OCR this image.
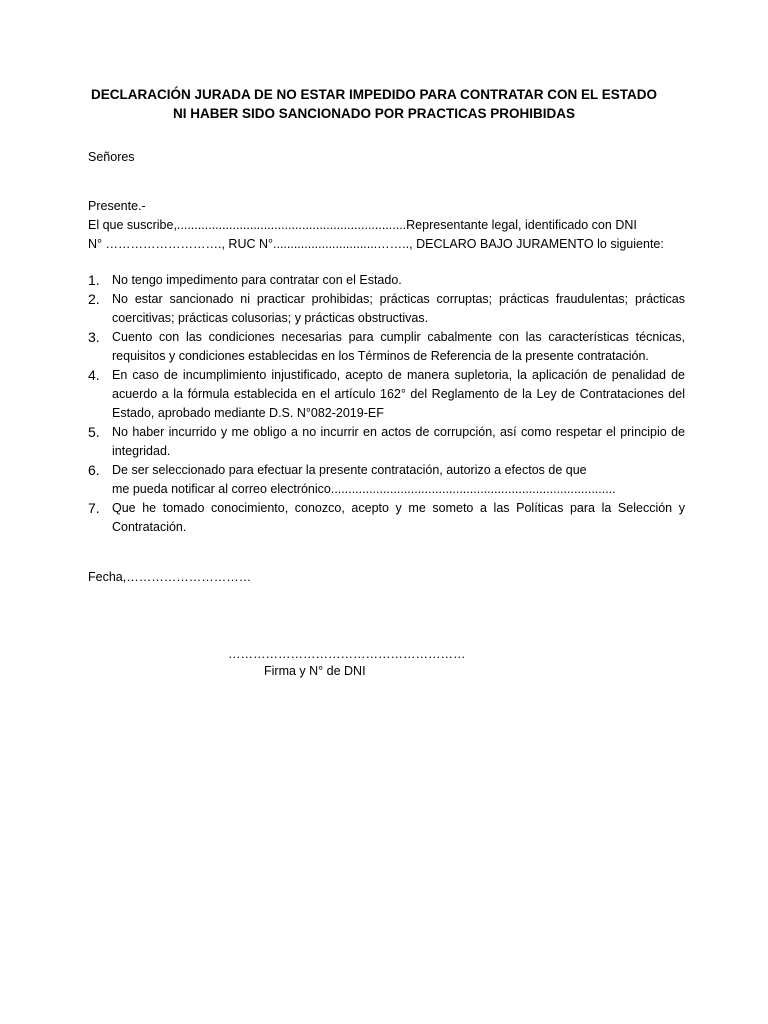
DECLARACIÓN JURADA DE NO ESTAR IMPEDIDO PARA CONTRATAR CON EL ESTADO
NI HABER SIDO SANCIONADO POR PRACTICAS PROHIBIDAS
Señores
Presente.-
El que suscribe,..................................................................Representante legal, identificado con DNI
N° ………………………., RUC N°..............................…….., DECLARO BAJO JURAMENTO lo siguiente:
1. No tengo impedimento para contratar con el Estado.
2. No estar sancionado ni practicar prohibidas; prácticas corruptas; prácticas fraudulentas; prácticas coercitivas; prácticas colusorias; y prácticas obstructivas.
3. Cuento con las condiciones necesarias para cumplir cabalmente con las características técnicas, requisitos y condiciones establecidas en los Términos de Referencia de la presente contratación.
4. En caso de incumplimiento injustificado, acepto de manera supletoria, la aplicación de penalidad de acuerdo a la fórmula establecida en el artículo 162° del Reglamento de la Ley de Contrataciones del Estado, aprobado mediante D.S. N°082-2019-EF
5. No haber incurrido y me obligo a no incurrir en actos de corrupción, así como respetar el principio de integridad.
6. De ser seleccionado para efectuar la presente contratación, autorizo a efectos de que
me pueda notificar al correo electrónico..................................................................................
7. Que he tomado conocimiento, conozco, acepto y me someto a las Políticas para la Selección y Contratación.
Fecha,…………………………
…………………………………………………
Firma y N° de DNI
